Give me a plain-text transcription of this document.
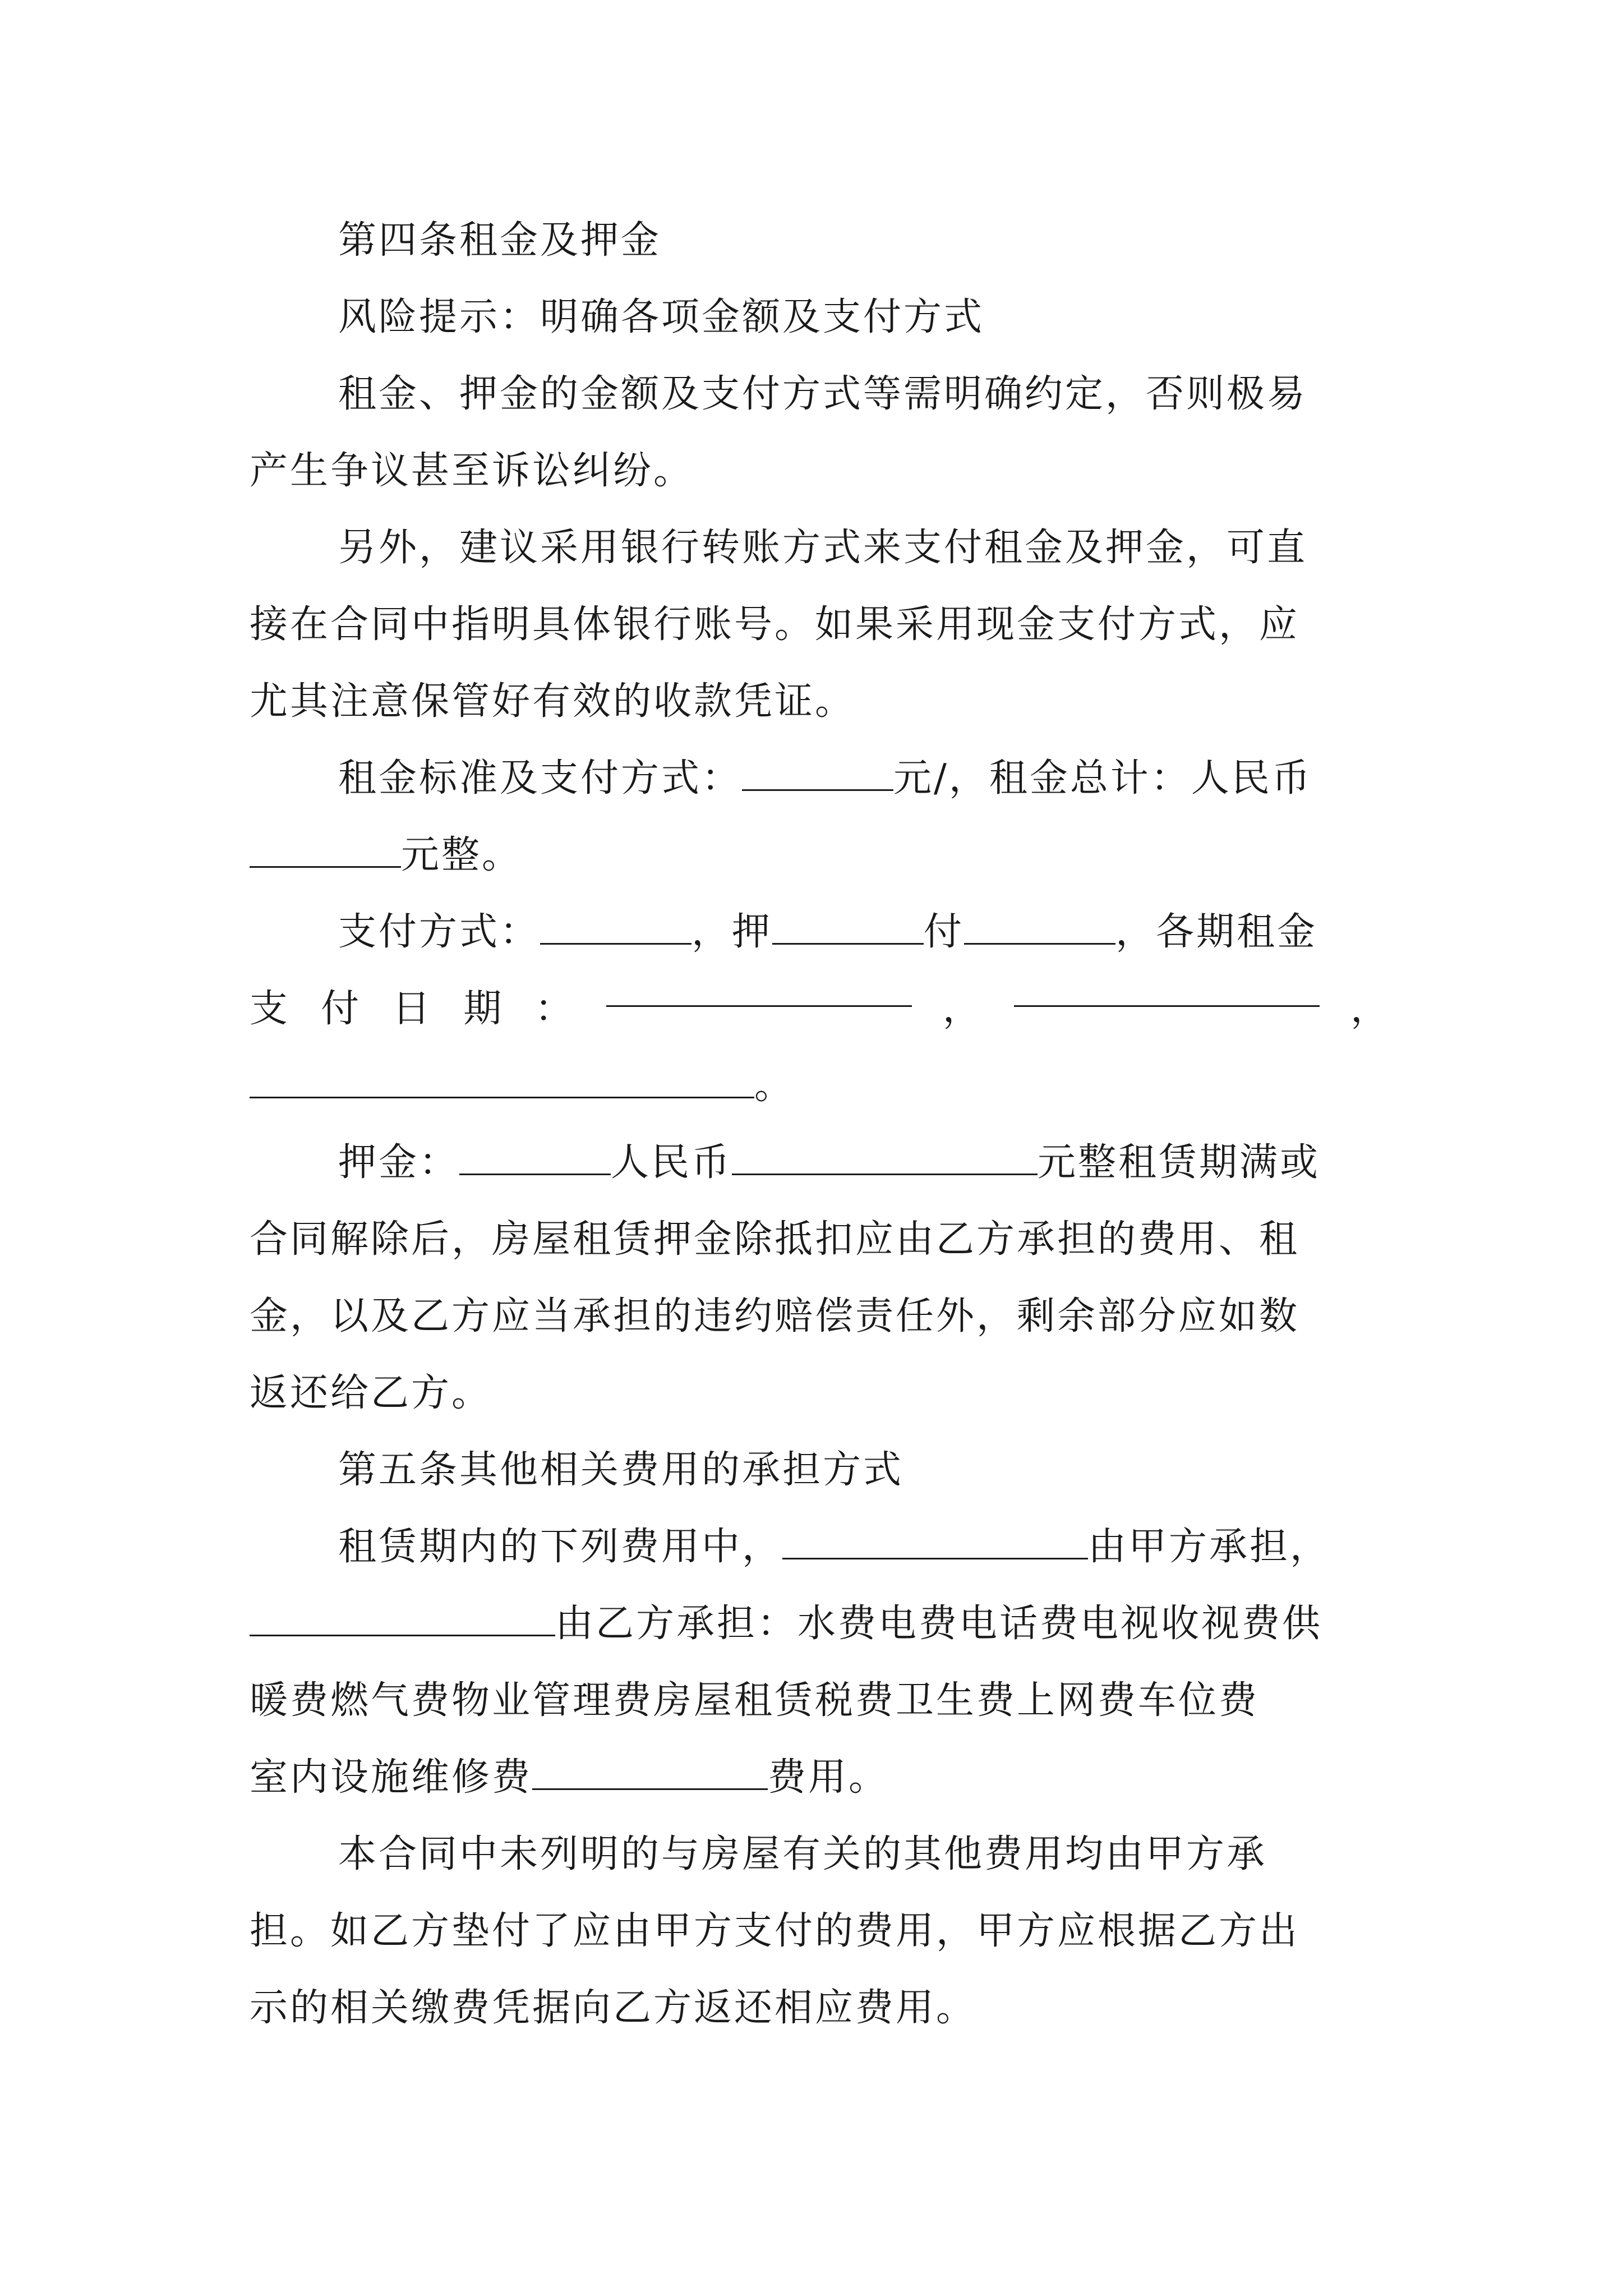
第四条租金及押金
风险提示：明确各项金额及支付方式
租金、押金的金额及支付方式等需明确约定，否则极易
产生争议甚至诉讼纠纷。
另外，建议采用银行转账方式来支付租金及押金，可直
接在合同中指明具体银行账号。如果采用现金支付方式，应
尤其注意保管好有效的收款凭证。
租金标准及支付方式：	元/，租金总计：人民币
元整。
支付方式：	，押	付	，各期租金
支 付 日 期 ：	，	，
。
押金：	人民币	元整租赁期满或
合同解除后，房屋租赁押金除抵扣应由乙方承担的费用、租
金，以及乙方应当承担的违约赔偿责任外，剩余部分应如数
返还给乙方。
第五条其他相关费用的承担方式
租赁期内的下列费用中，	由甲方承担，
由乙方承担：水费电费电话费电视收视费供
暖费燃气费物业管理费房屋租赁税费卫生费上网费车位费
室内设施维修费	费用。
本合同中未列明的与房屋有关的其他费用均由甲方承
担。如乙方垫付了应由甲方支付的费用，甲方应根据乙方出
示的相关缴费凭据向乙方返还相应费用。
